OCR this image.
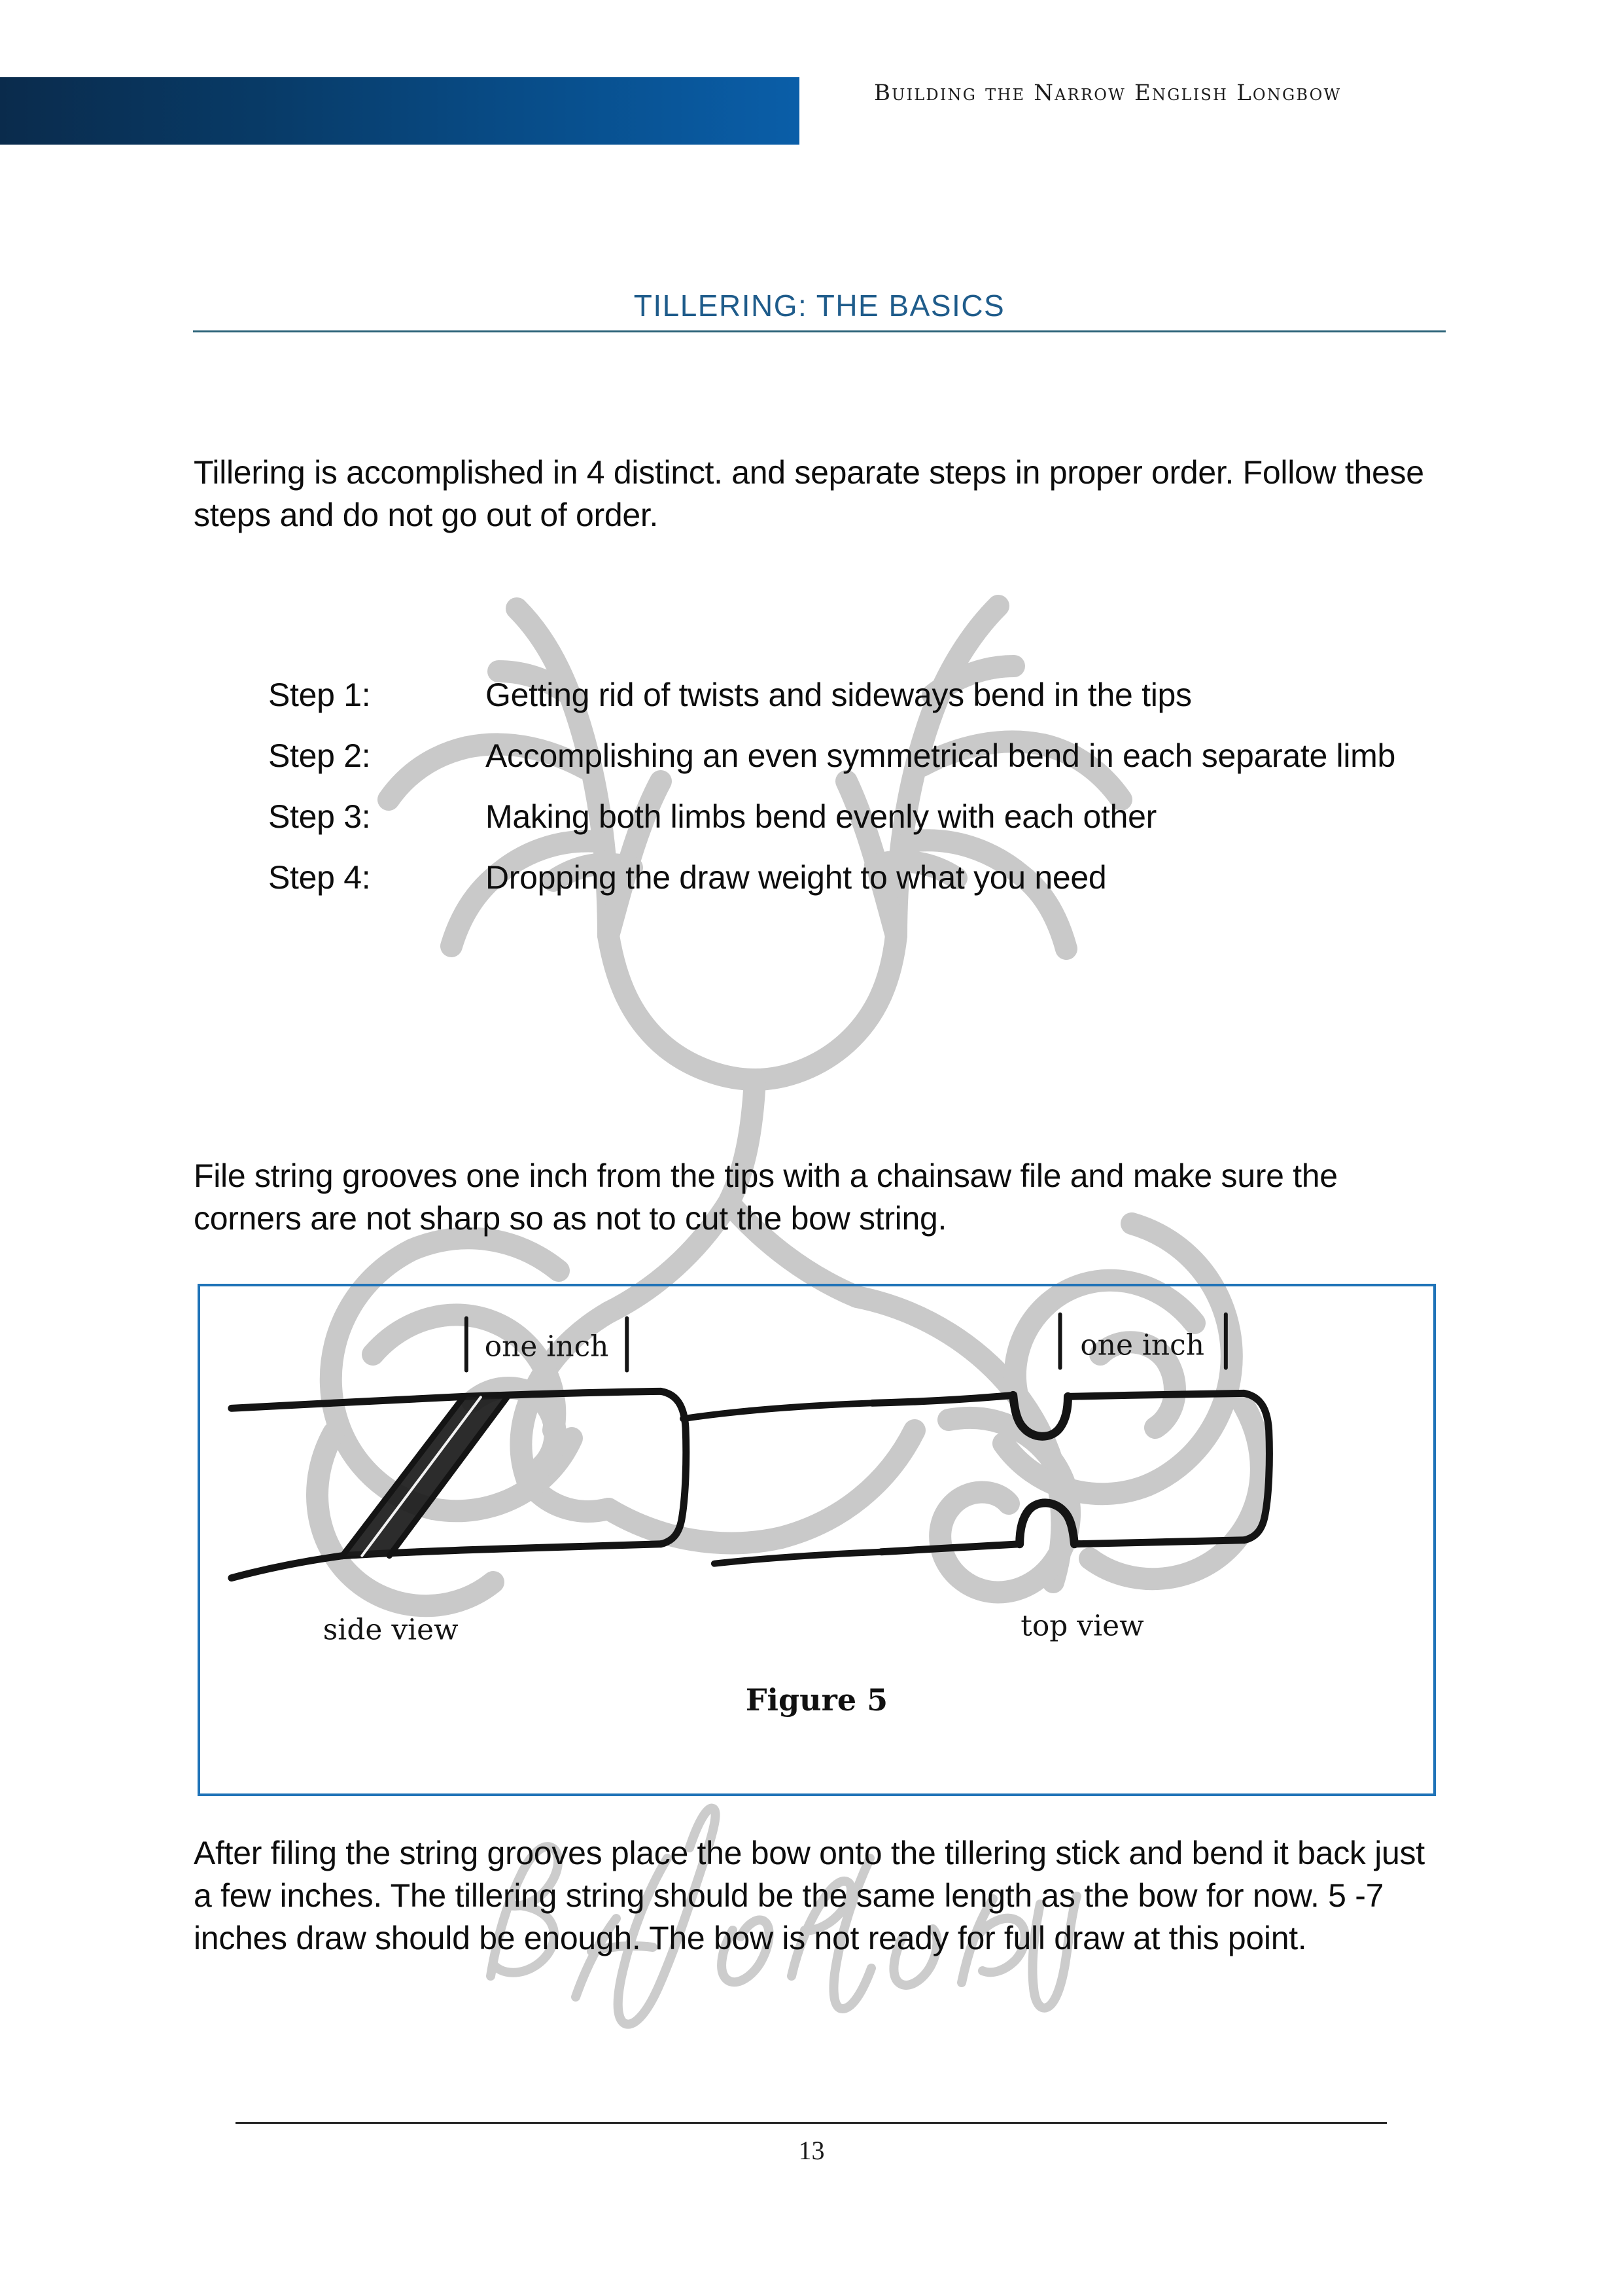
Building the Narrow English Longbow
TILLERING: THE BASICS

Tillering is accomplished in 4 distinct. and separate steps in proper order. Follow these steps and do not go out of order.

Step 1:	Getting rid of twists and sideways bend in the tips
Step 2:	Accomplishing an even symmetrical bend in each separate limb
Step 3:	Making both limbs bend evenly with each other
Step 4:	Dropping the draw weight to what you need

File string grooves one inch from the tips with a chainsaw file and make sure the corners are not sharp so as not to cut the bow string.

one inch
side view
one inch
top view
Figure 5

After filing the string grooves place the bow onto the tillering stick and bend it back just a few inches. The tillering string should be the same length as the bow for now. 5 -7 inches draw should be enough. The bow is not ready for full draw at this point.

13
